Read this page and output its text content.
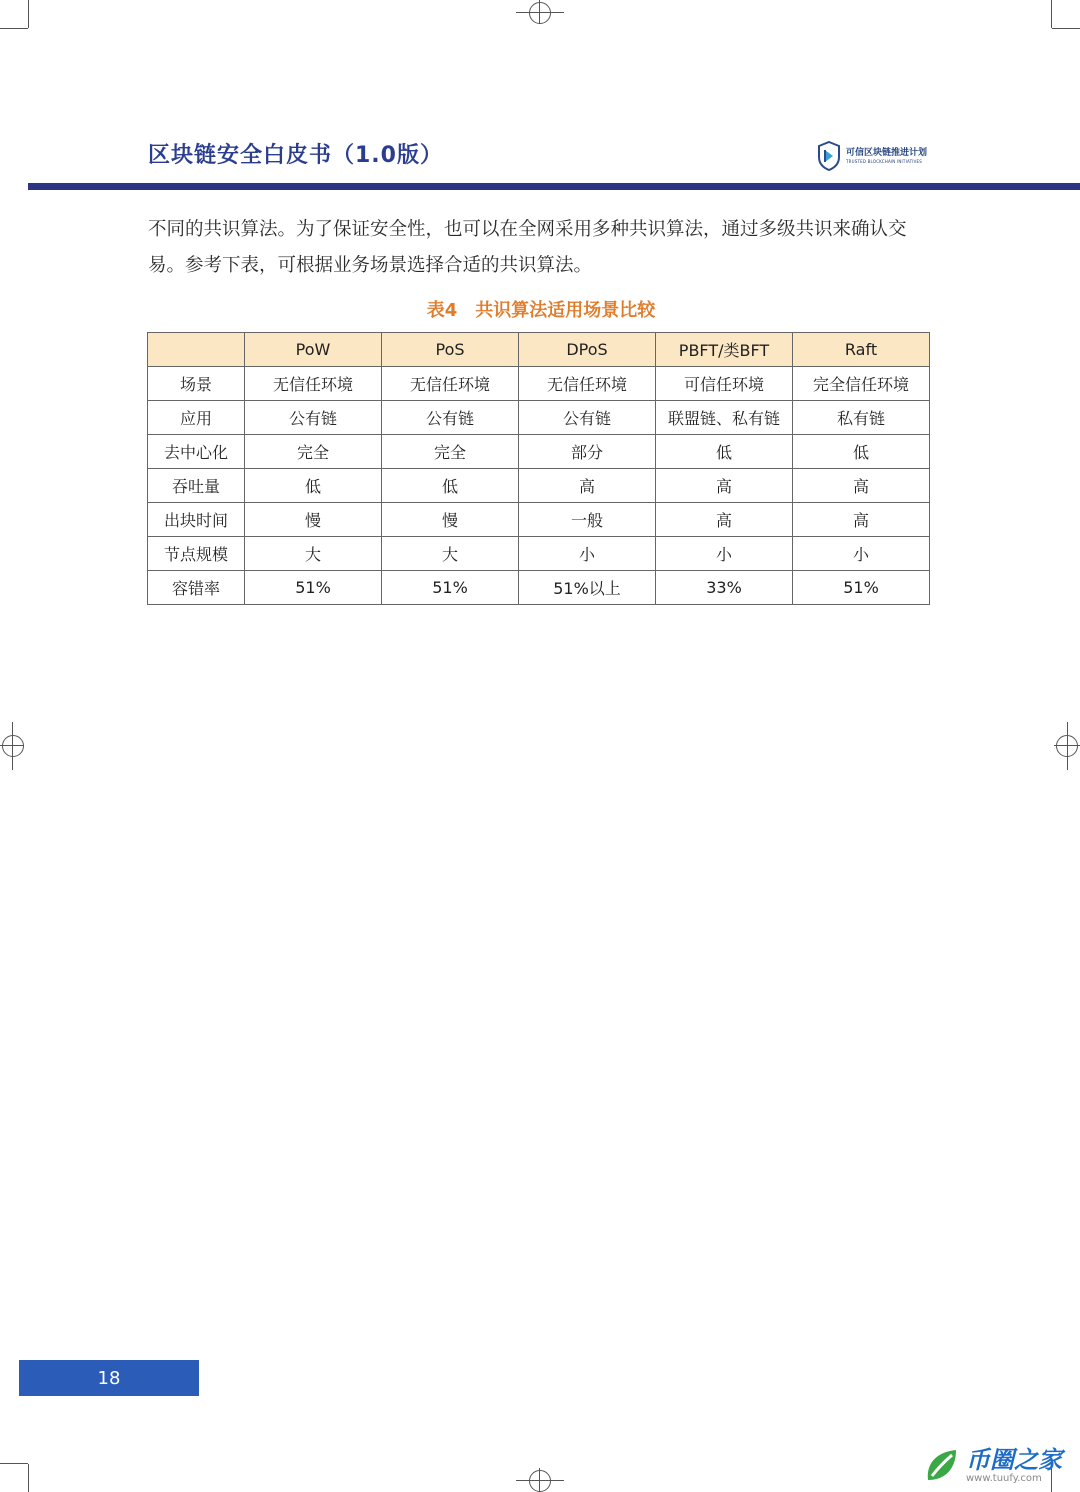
区块链安全白皮书（1.0版）	可信区块链推进计划
TRUSTED BLOCKCHAIN INITIATIVES
不同的共识算法。为了保证安全性，也可以在全网采用多种共识算法，通过多级共识来确认交易。参考下表，可根据业务场景选择合适的共识算法。
表4　共识算法适用场景比较
	PoW	PoS	DPoS	PBFT/类BFT	Raft
场景	无信任环境	无信任环境	无信任环境	可信任环境	完全信任环境
应用	公有链	公有链	公有链	联盟链、私有链	私有链
去中心化	完全	完全	部分	低	低
吞吐量	低	低	高	高	高
出块时间	慢	慢	一般	高	高
节点规模	大	大	小	小	小
容错率	51%	51%	51%以上	33%	51%
18
币圈之家
www.tuufy.com
